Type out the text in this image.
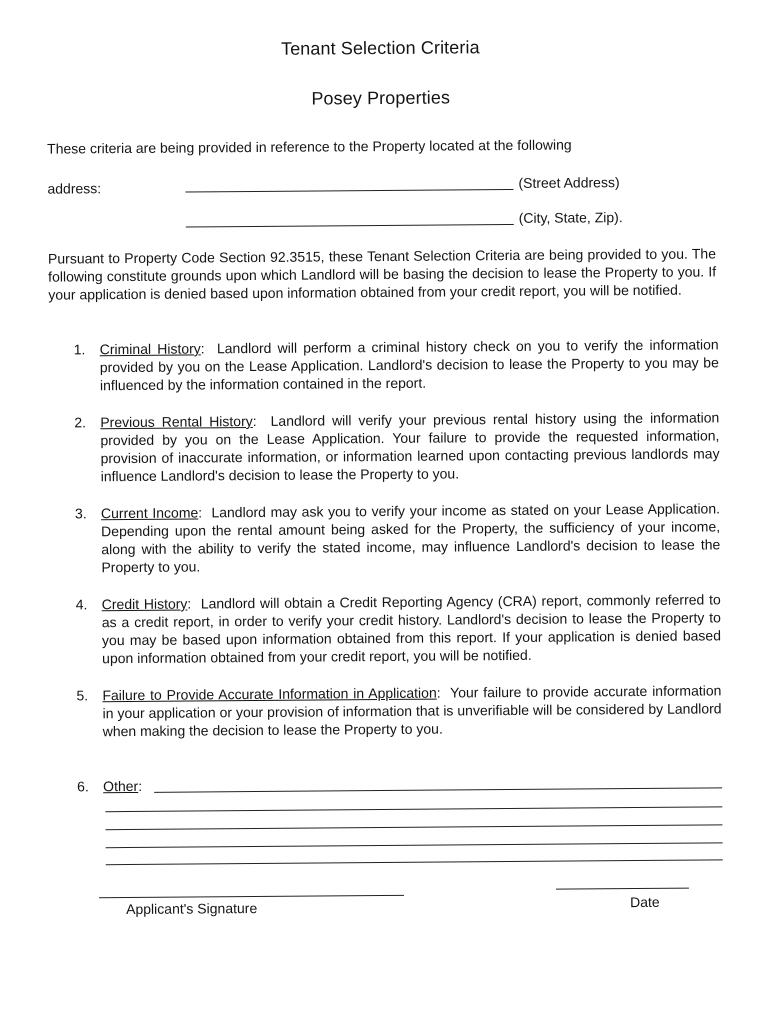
Tenant Selection Criteria
Posey Properties
These criteria are being provided in reference to the Property located at the following
address:	(Street Address)
(City, State, Zip).
Pursuant to Property Code Section 92.3515, these Tenant Selection Criteria are being provided to you. The following constitute grounds upon which Landlord will be basing the decision to lease the Property to you. If your application is denied based upon information obtained from your credit report, you will be notified.
1.	Criminal History:  Landlord will perform a criminal history check on you to verify the information provided by you on the Lease Application. Landlord's decision to lease the Property to you may be influenced by the information contained in the report.
2.	Previous Rental History:  Landlord will verify your previous rental history using the information provided by you on the Lease Application. Your failure to provide the requested information, provision of inaccurate information, or information learned upon contacting previous landlords may influence Landlord's decision to lease the Property to you.
3.	Current Income:  Landlord may ask you to verify your income as stated on your Lease Application. Depending upon the rental amount being asked for the Property, the sufficiency of your income, along with the ability to verify the stated income, may influence Landlord's decision to lease the Property to you.
4.	Credit History:  Landlord will obtain a Credit Reporting Agency (CRA) report, commonly referred to as a credit report, in order to verify your credit history. Landlord's decision to lease the Property to you may be based upon information obtained from this report. If your application is denied based upon information obtained from your credit report, you will be notified.
5.	Failure to Provide Accurate Information in Application:  Your failure to provide accurate information in your application or your provision of information that is unverifiable will be considered by Landlord when making the decision to lease the Property to you.
6. Other:
Applicant's Signature	Date
